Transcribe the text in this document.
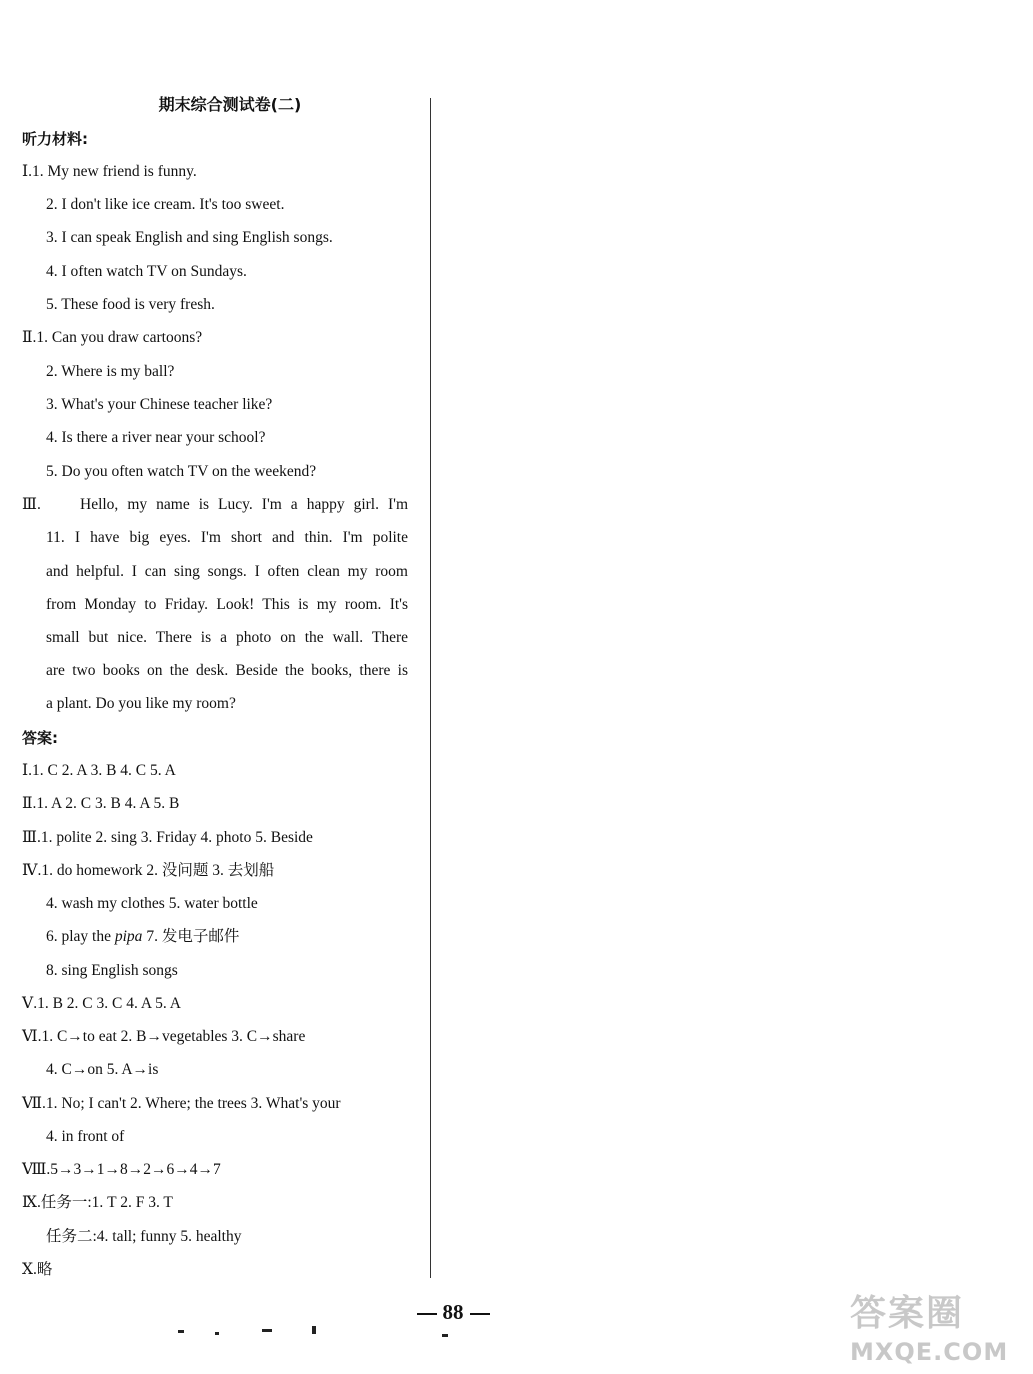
期末综合测试卷(二)
听力材料:
Ⅰ.1. My new friend is funny.
2. I don't like ice cream. It's too sweet.
3. I can speak English and sing English songs.
4. I often watch TV on Sundays.
5. These food is very fresh.
Ⅱ.1. Can you draw cartoons?
2. Where is my ball?
3. What's your Chinese teacher like?
4. Is there a river near your school?
5. Do you often watch TV on the weekend?
Ⅲ.	Hello, my name is Lucy. I'm a happy girl. I'm
11. I have big eyes. I'm short and thin. I'm polite
and helpful. I can sing songs. I often clean my room
from Monday to Friday. Look! This is my room. It's
small but nice. There is a photo on the wall. There
are two books on the desk. Beside the books, there is
a plant. Do you like my room?
答案:
Ⅰ.1. C 2. A 3. B 4. C 5. A
Ⅱ.1. A 2. C 3. B 4. A 5. B
Ⅲ.1. polite 2. sing 3. Friday 4. photo 5. Beside
Ⅳ.1. do homework 2. 没问题 3. 去划船
4. wash my clothes 5. water bottle
6. play the pipa 7. 发电子邮件
8. sing English songs
Ⅴ.1. B 2. C 3. C 4. A 5. A
Ⅵ.1. C→to eat 2. B→vegetables 3. C→share
4. C→on 5. A→is
Ⅶ.1. No; I can't 2. Where; the trees 3. What's your
4. in front of
Ⅷ.5→3→1→8→2→6→4→7
Ⅸ.任务一:1. T 2. F 3. T
任务二:4. tall; funny 5. healthy
Ⅹ.略
88	答案圈
MXQE.COM
